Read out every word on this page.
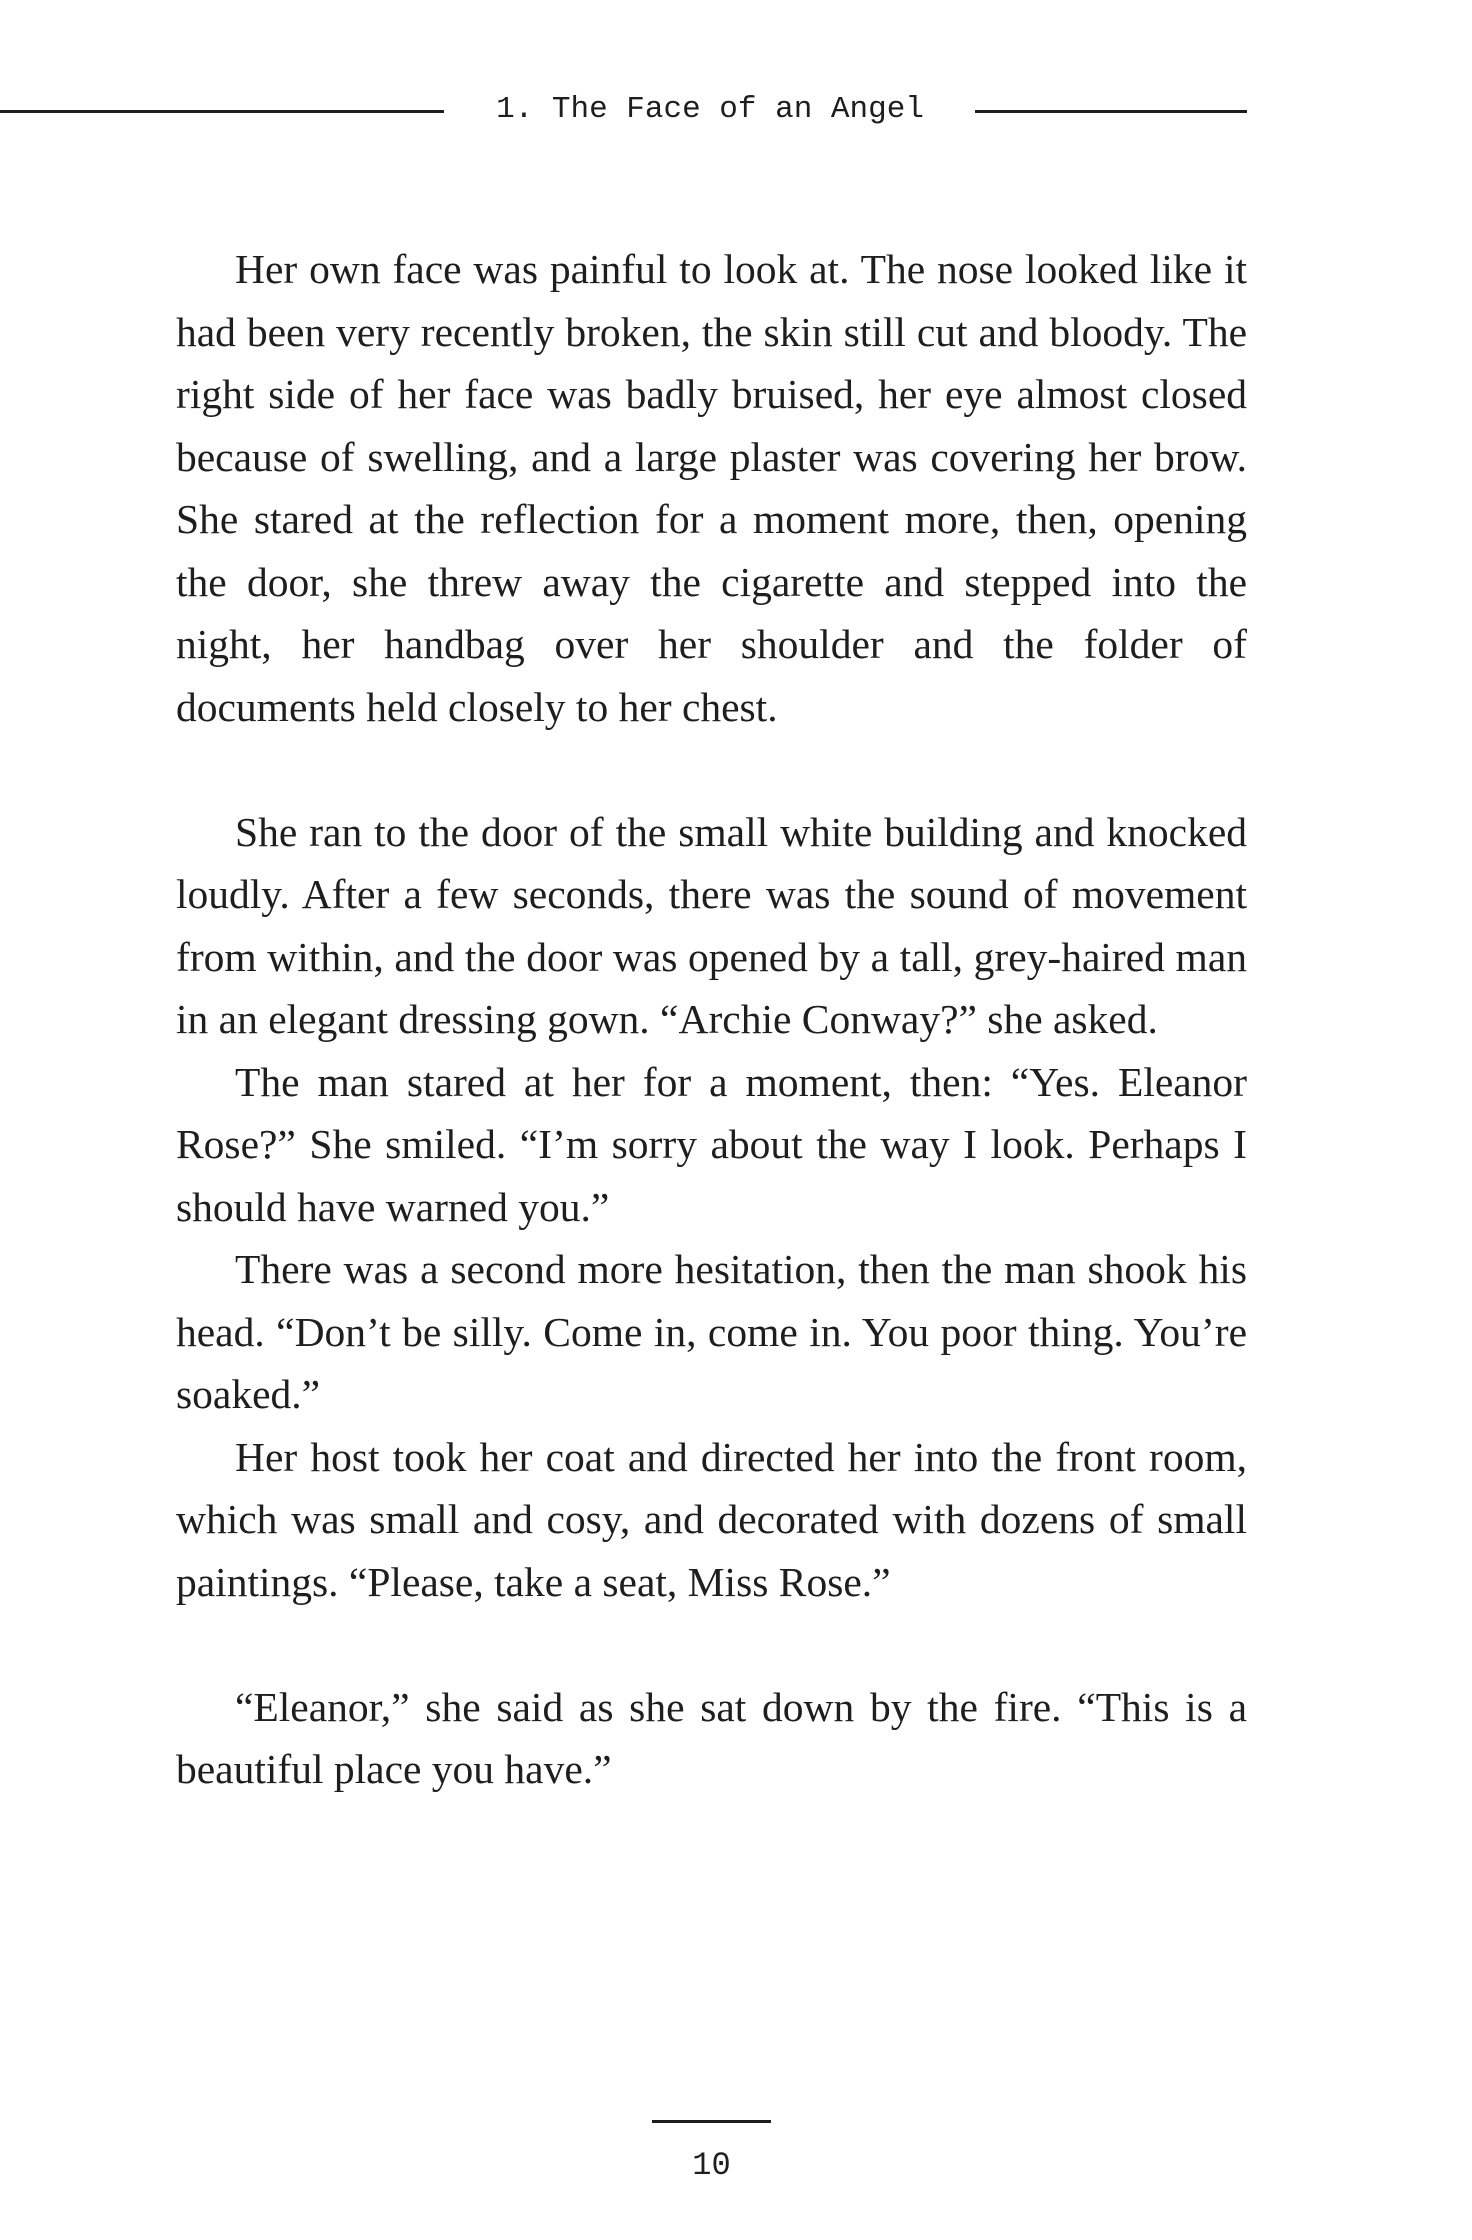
1. The Face of an Angel

Her own face was painful to look at. The nose looked like it had been very recently broken, the skin still cut and bloody. The right side of her face was badly bruised, her eye almost closed because of swelling, and a large plaster was covering her brow. She stared at the reflection for a moment more, then, opening the door, she threw away the cigarette and stepped into the night, her handbag over her shoulder and the folder of documents held closely to her chest.

She ran to the door of the small white building and knocked loudly. After a few seconds, there was the sound of movement from within, and the door was opened by a tall, grey-haired man in an elegant dressing gown. “Archie Conway?” she asked.

The man stared at her for a moment, then: “Yes. Eleanor Rose?” She smiled. “I’m sorry about the way I look. Perhaps I should have warned you.”

There was a second more hesitation, then the man shook his head. “Don’t be silly. Come in, come in. You poor thing. You’re soaked.”

Her host took her coat and directed her into the front room, which was small and cosy, and decorated with dozens of small paintings. “Please, take a seat, Miss Rose.”

“Eleanor,” she said as she sat down by the fire. “This is a beautiful place you have.”

10
